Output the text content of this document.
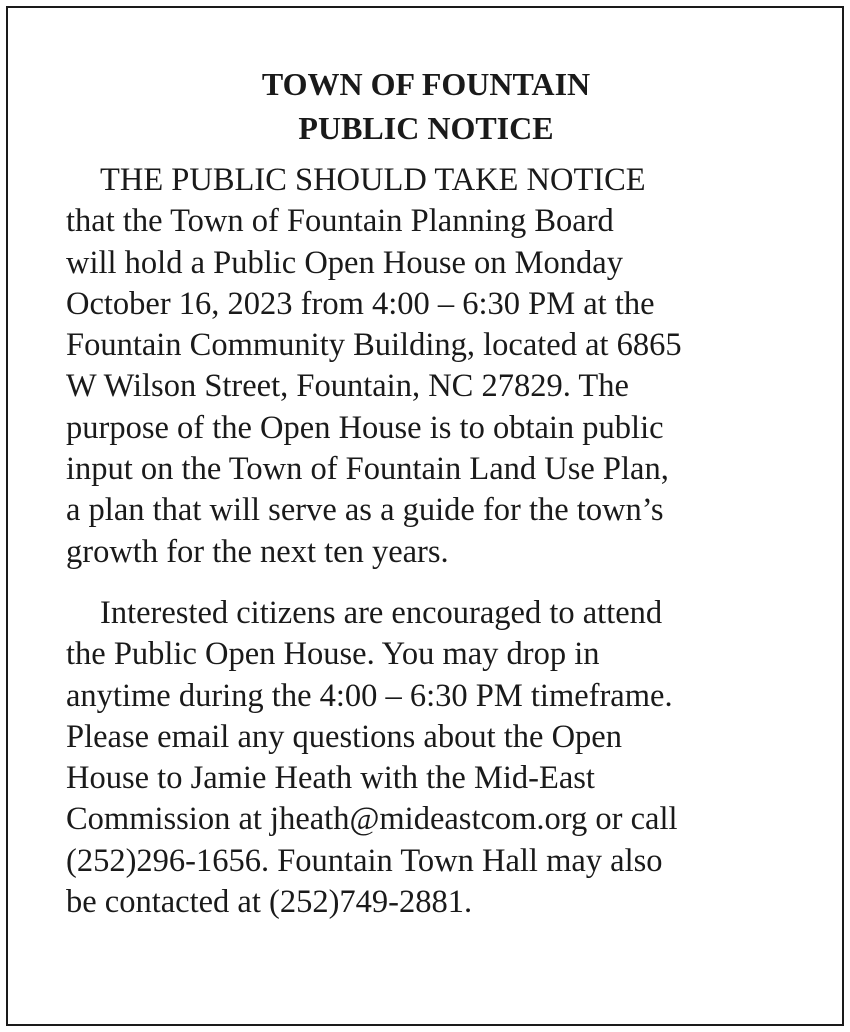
TOWN OF FOUNTAIN
PUBLIC NOTICE

THE PUBLIC SHOULD TAKE NOTICE
that the Town of Fountain Planning Board
will hold a Public Open House on Monday
October 16, 2023 from 4:00 – 6:30 PM at the
Fountain Community Building, located at 6865
W Wilson Street, Fountain, NC 27829. The
purpose of the Open House is to obtain public
input on the Town of Fountain Land Use Plan,
a plan that will serve as a guide for the town’s
growth for the next ten years.

Interested citizens are encouraged to attend
the Public Open House. You may drop in
anytime during the 4:00 – 6:30 PM timeframe.
Please email any questions about the Open
House to Jamie Heath with the Mid-East
Commission at jheath@mideastcom.org or call
(252)296-1656. Fountain Town Hall may also
be contacted at (252)749-2881.
